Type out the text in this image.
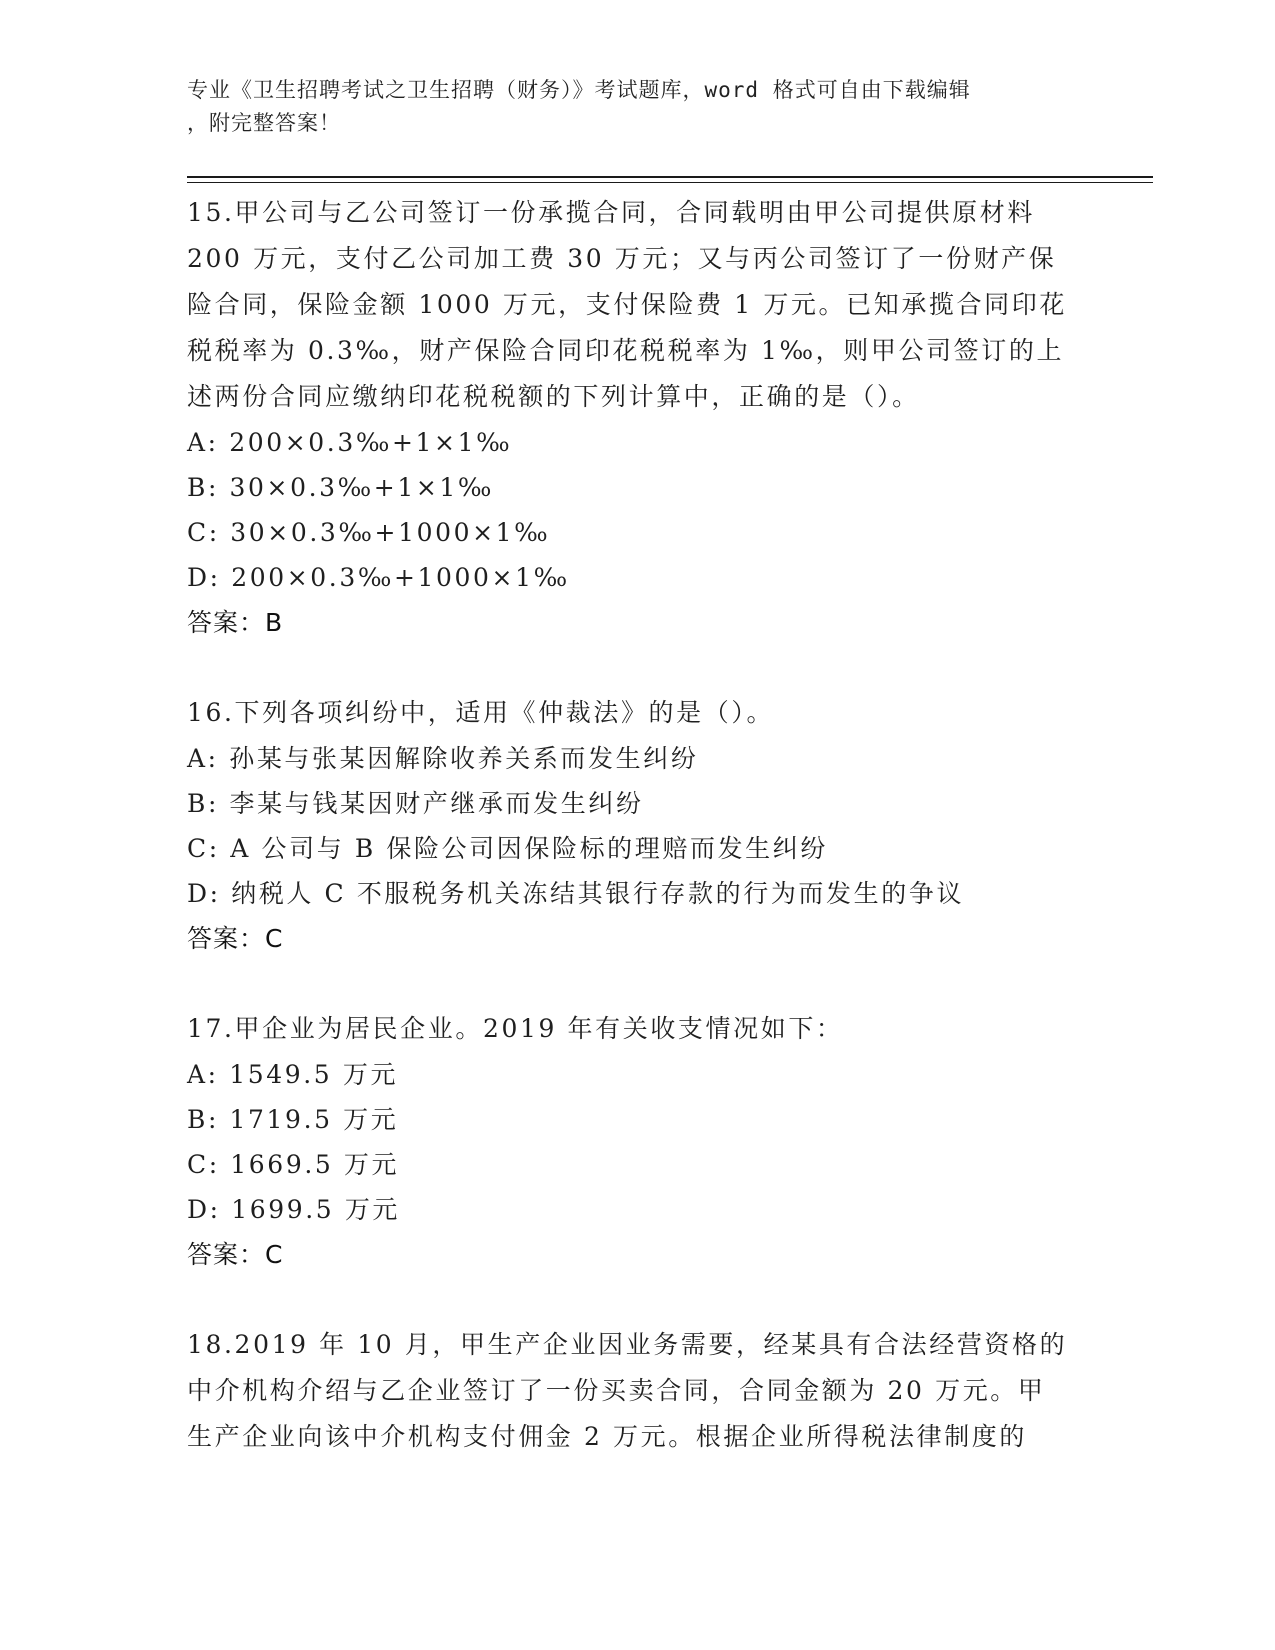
专业《卫生招聘考试之卫生招聘（财务）》考试题库，word 格式可自由下载编辑
，附完整答案！
15.甲公司与乙公司签订一份承揽合同，合同载明由甲公司提供原材料
200 万元，支付乙公司加工费 30 万元；又与丙公司签订了一份财产保
险合同，保险金额 1000 万元，支付保险费 1 万元。已知承揽合同印花
税税率为 0.3‰，财产保险合同印花税税率为 1‰，则甲公司签订的上
述两份合同应缴纳印花税税额的下列计算中，正确的是（）。
A: 200×0.3‰+1×1‰
B: 30×0.3‰+1×1‰
C: 30×0.3‰+1000×1‰
D: 200×0.3‰+1000×1‰
答案：B
16.下列各项纠纷中，适用《仲裁法》的是（）。
A: 孙某与张某因解除收养关系而发生纠纷
B: 李某与钱某因财产继承而发生纠纷
C: A 公司与 B 保险公司因保险标的理赔而发生纠纷
D: 纳税人 C 不服税务机关冻结其银行存款的行为而发生的争议
答案：C
17.甲企业为居民企业。2019 年有关收支情况如下：
A: 1549.5 万元
B: 1719.5 万元
C: 1669.5 万元
D: 1699.5 万元
答案：C
18.2019 年 10 月，甲生产企业因业务需要，经某具有合法经营资格的
中介机构介绍与乙企业签订了一份买卖合同，合同金额为 20 万元。甲
生产企业向该中介机构支付佣金 2 万元。根据企业所得税法律制度的
